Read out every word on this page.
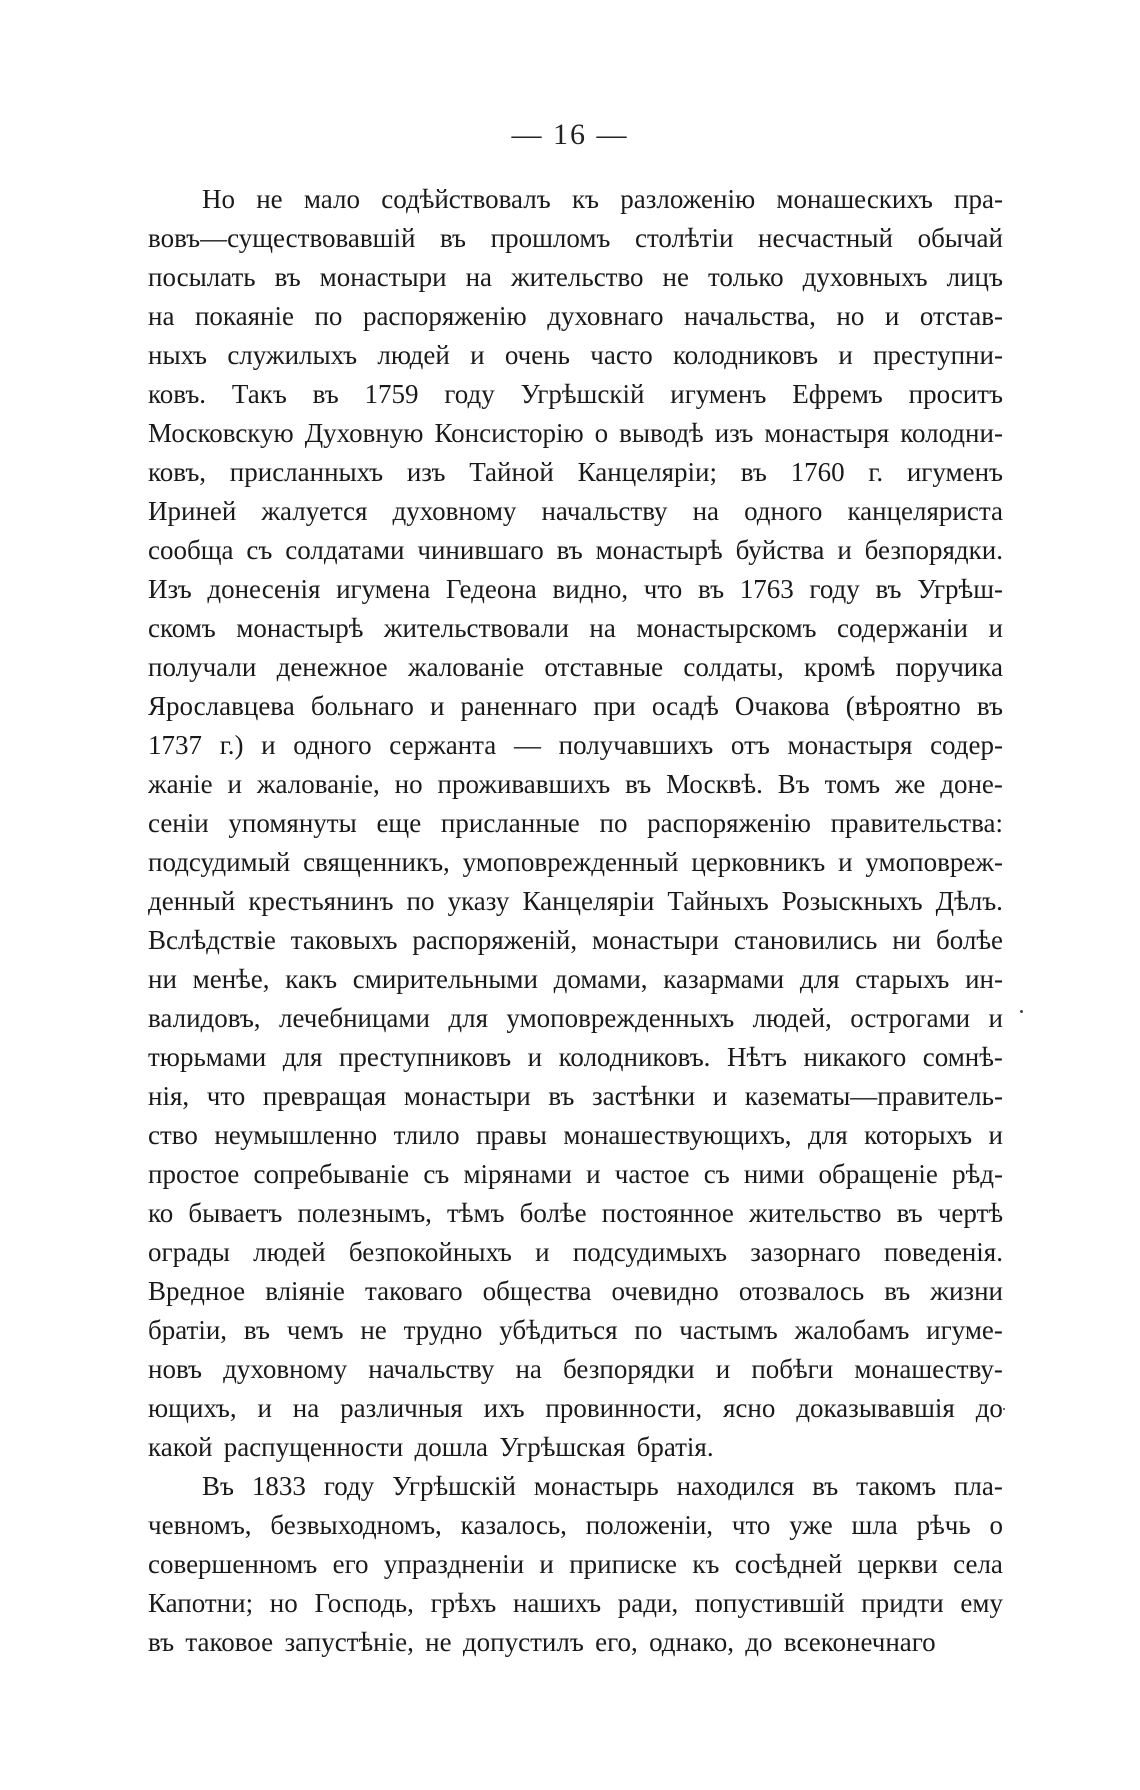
— 16 —
Но не мало содѣйствовалъ къ разложенію монашескихъ пра-
вовъ—существовавшій въ прошломъ столѣтіи несчастный обычай
посылать въ монастыри на жительство не только духовныхъ лицъ
на покаяніе по распоряженію духовнаго начальства, но и отстав-
ныхъ служилыхъ людей и очень часто колодниковъ и преступни-
ковъ. Такъ въ 1759 году Угрѣшскій игуменъ Ефремъ проситъ
Московскую Духовную Консисторію о выводѣ изъ монастыря колодни-
ковъ, присланныхъ изъ Тайной Канцеляріи; въ 1760 г. игуменъ
Ириней жалуется духовному начальству на одного канцеляриста
сообща съ солдатами чинившаго въ монастырѣ буйства и безпорядки.
Изъ донесенія игумена Гедеона видно, что въ 1763 году въ Угрѣш-
скомъ монастырѣ жительствовали на монастырскомъ содержаніи и
получали денежное жалованіе отставные солдаты, кромѣ поручика
Ярославцева больнаго и раненнаго при осадѣ Очакова (вѣроятно въ
1737 г.) и одного сержанта — получавшихъ отъ монастыря содер-
жаніе и жалованіе, но проживавшихъ въ Москвѣ. Въ томъ же доне-
сеніи упомянуты еще присланные по распоряженію правительства:
подсудимый священникъ, умоповрежденный церковникъ и умоповреж-
денный крестьянинъ по указу Канцеляріи Тайныхъ Розыскныхъ Дѣлъ.
Вслѣдствіе таковыхъ распоряженій, монастыри становились ни болѣе
ни менѣе, какъ смирительными домами, казармами для старыхъ ин-
валидовъ, лечебницами для умоповрежденныхъ людей, острогами и
тюрьмами для преступниковъ и колодниковъ. Нѣтъ никакого сомнѣ-
нія, что превращая монастыри въ застѣнки и казематы—правитель-
ство неумышленно тлило правы монашествующихъ, для которыхъ и
простое сопребываніе съ мірянами и частое съ ними обращеніе рѣд-
ко бываетъ полезнымъ, тѣмъ болѣе постоянное жительство въ чертѣ
ограды людей безпокойныхъ и подсудимыхъ зазорнаго поведенія.
Вредное вліяніе таковаго общества очевидно отозвалось въ жизни
братіи, въ чемъ не трудно убѣдиться по частымъ жалобамъ игуме-
новъ духовному начальству на безпорядки и побѣги монашеству-
ющихъ, и на различныя ихъ провинности, ясно доказывавшія до
какой распущенности дошла Угрѣшская братія.
Въ 1833 году Угрѣшскій монастырь находился въ такомъ пла-
чевномъ, безвыходномъ, казалось, положеніи, что уже шла рѣчь о
совершенномъ его упраздненіи и приписке къ сосѣдней церкви села
Капотни; но Господь, грѣхъ нашихъ ради, попустившій придти ему
въ таковое запустѣніе, не допустилъ его, однако, до всеконечнаго
